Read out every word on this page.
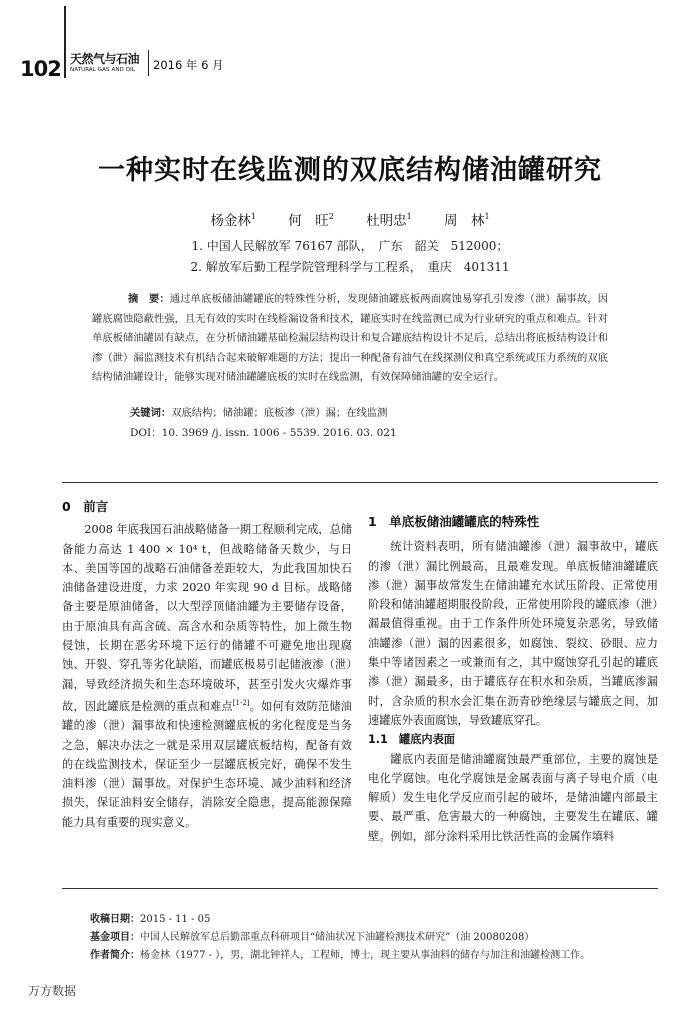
102 天然气与石油
NATURAL GAS AND OIL 2016 年 6 月
一种实时在线监测的双底结构储油罐研究
杨金林$^1$ 何　旺$^2$ 杜明忠$^1$ 周　林$^1$
1. 中国人民解放军 76167 部队，　广东　韶关　512000；
2. 解放军后勤工程学院管理科学与工程系，　重庆　401311
摘　要：通过单底板储油罐罐底的特殊性分析，发现储油罐底板两面腐蚀易穿孔引发渗（泄）漏事故，因罐底腐蚀隐蔽性强，且无有效的实时在线检漏设备和技术，罐底实时在线监测已成为行业研究的重点和难点。针对单底板储油罐固有缺点，在分析储油罐基础检漏层结构设计和复合罐底结构设计不足后，总结出将底板结构设计和渗（泄）漏监测技术有机结合起来破解难题的方法；提出一种配备有油气在线探测仪和真空系统或压力系统的双底结构储油罐设计，能够实现对储油罐罐底板的实时在线监测，有效保障储油罐的安全运行。
关键词：双底结构；储油罐；底板渗（泄）漏；在线监测
DOI：10. 3969 /j. issn. 1006 - 5539. 2016. 03. 021
0　前言

2008 年底我国石油战略储备一期工程顺利完成，总储备能力高达 1 400 × 10⁴ t，但战略储备天数少，与日本、美国等国的战略石油储备差距较大，为此我国加快石油储备建设进度，力求 2020 年实现 90 d 目标。战略储备主要是原油储备，以大型浮顶储油罐为主要储存设备，由于原油具有高含硫、高含水和杂质等特性，加上微生物侵蚀，长期在恶劣环境下运行的储罐不可避免地出现腐蚀、开裂、穿孔等劣化缺陷，而罐底极易引起储液渗（泄）漏，导致经济损失和生态环境破坏，甚至引发火灾爆炸事故，因此罐底是检测的重点和难点[1-2]。如何有效防范储油罐的渗（泄）漏事故和快速检测罐底板的劣化程度是当务之急，解决办法之一就是采用双层罐底板结构，配备有效的在线监测技术，保证至少一层罐底板完好，确保不发生油料渗（泄）漏事故。对保护生态环境、减少油料和经济损失，保证油料安全储存，消除安全隐患，提高能源保障能力具有重要的现实意义。

1　单底板储油罐罐底的特殊性

统计资料表明，所有储油罐渗（泄）漏事故中，罐底的渗（泄）漏比例最高，且最难发现。单底板储油罐罐底渗（泄）漏事故常发生在储油罐充水试压阶段、正常使用阶段和储油罐超期服役阶段，正常使用阶段的罐底渗（泄）漏最值得重视。由于工作条件所处环境复杂恶劣，导致储油罐渗（泄）漏的因素很多，如腐蚀、裂纹、砂眼、应力集中等诸因素之一或兼而有之，其中腐蚀穿孔引起的罐底渗（泄）漏最多，由于罐底存在积水和杂质，当罐底渗漏时，含杂质的积水会汇集在沥青砂绝缘层与罐底之间，加速罐底外表面腐蚀，导致罐底穿孔。

1.1　罐底内表面

罐底内表面是储油罐腐蚀最严重部位，主要的腐蚀是电化学腐蚀。电化学腐蚀是金属表面与离子导电介质（电解质）发生电化学反应而引起的破坏，是储油罐内部最主要、最严重、危害最大的一种腐蚀，主要发生在罐底、罐壁。例如，部分涂料采用比铁活性高的金属作填料

收稿日期：2015 - 11 - 05
基金项目：中国人民解放军总后勤部重点科研项目“储油状况下油罐检测技术研究”（油 20080208）
作者简介：杨金林（1977 - ），男，湖北钟祥人，工程师，博士，现主要从事油料的储存与加注和油罐检测工作。
万方数据
